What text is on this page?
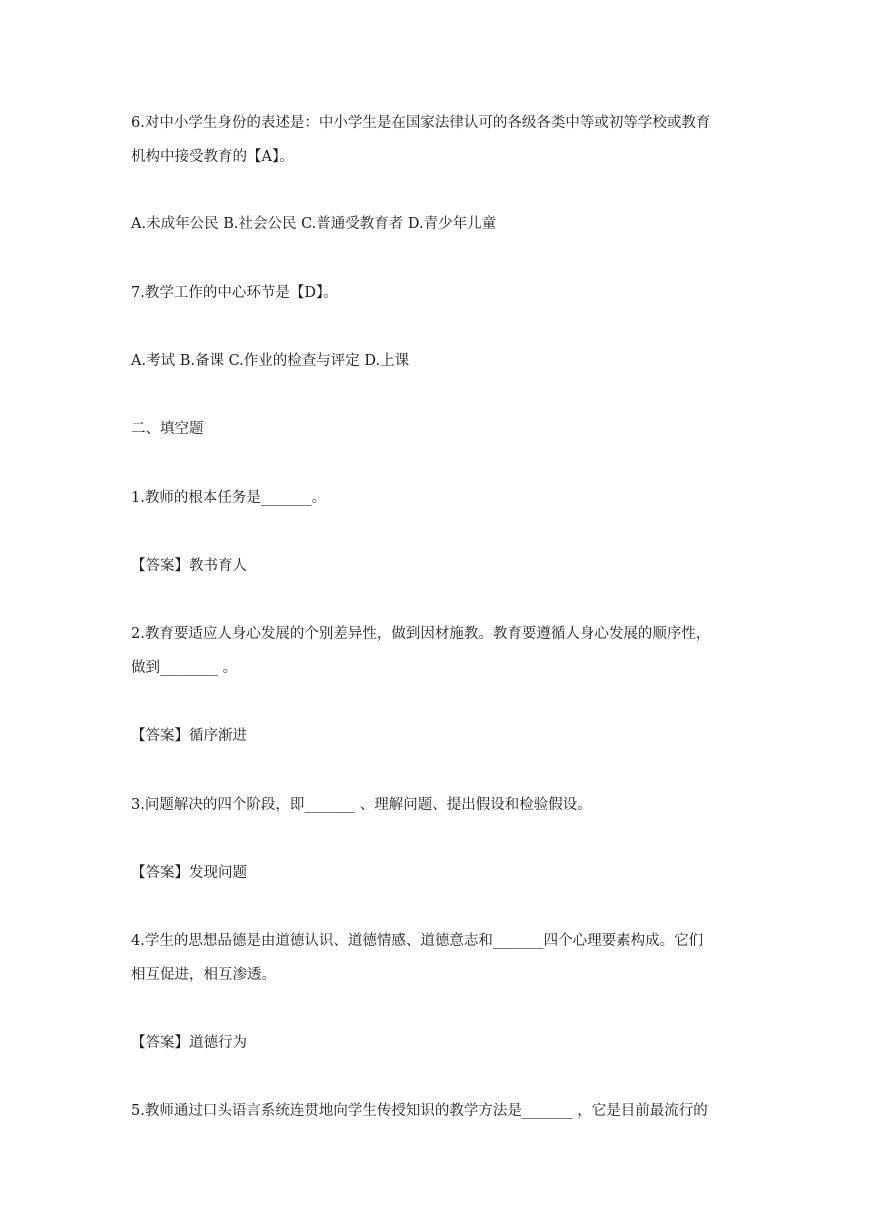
6.对中小学生身份的表述是：中小学生是在国家法律认可的各级各类中等或初等学校或教育
机构中接受教育的【A】。
A.未成年公民 B.社会公民 C.普通受教育者 D.青少年儿童
7.教学工作的中心环节是【D】。
A.考试 B.备课 C.作业的检查与评定 D.上课
二、填空题
1.教师的根本任务是_______。
【答案】教书育人
2.教育要适应人身心发展的个别差异性，做到因材施教。教育要遵循人身心发展的顺序性，
做到________ 。
【答案】循序渐进
3.问题解决的四个阶段，即_______ 、理解问题、提出假设和检验假设。
【答案】发现问题
4.学生的思想品德是由道德认识、道德情感、道德意志和_______四个心理要素构成。它们
相互促进，相互渗透。
【答案】道德行为
5.教师通过口头语言系统连贯地向学生传授知识的教学方法是_______ ，它是目前最流行的
